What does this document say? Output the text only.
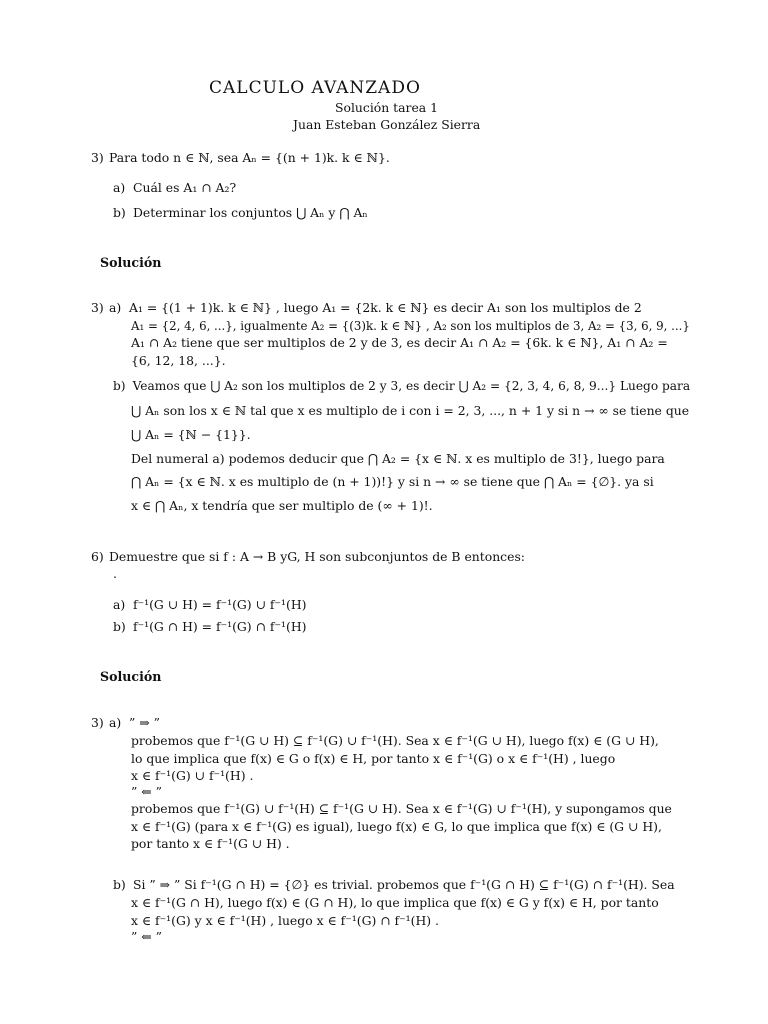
CALCULO AVANZADO
Solución tarea 1
Juan Esteban González Sierra
3) Para todo n ∈ ℕ, sea Aₙ = {(n + 1)k. k ∈ ℕ}.
a) Cuál es A₁ ∩ A₂?
b) Determinar los conjuntos ⋃ Aₙ y ⋂ Aₙ
Solución
3) a) A₁ = {(1 + 1)k. k ∈ ℕ} , luego A₁ = {2k. k ∈ ℕ} es decir A₁ son los multiplos de 2
A₁ = {2, 4, 6, ...}, igualmente A₂ = {(3)k. k ∈ ℕ} , A₂ son los multiplos de 3, A₂ = {3, 6, 9, ...}
A₁ ∩ A₂ tiene que ser multiplos de 2 y de 3, es decir A₁ ∩ A₂ = {6k. k ∈ ℕ}, A₁ ∩ A₂ =
{6, 12, 18, ...}.
b) Veamos que ⋃ A₂ son los multiplos de 2 y 3, es decir ⋃ A₂ = {2, 3, 4, 6, 8, 9...} Luego para
⋃ Aₙ son los x ∈ ℕ tal que x es multiplo de i con i = 2, 3, ..., n + 1 y si n → ∞ se tiene que
⋃ Aₙ = {ℕ − {1}}.
Del numeral a) podemos deducir que ⋂ A₂ = {x ∈ ℕ. x es multiplo de 3!}, luego para
⋂ Aₙ = {x ∈ ℕ. x es multiplo de (n + 1))!} y si n → ∞ se tiene que ⋂ Aₙ = {∅}. ya si
x ∈ ⋂ Aₙ, x tendría que ser multiplo de (∞ + 1)!.
6) Demuestre que si f : A → B yG, H son subconjuntos de B entonces:
.
a) f⁻¹(G ∪ H) = f⁻¹(G) ∪ f⁻¹(H)
b) f⁻¹(G ∩ H) = f⁻¹(G) ∩ f⁻¹(H)
Solución
3) a) ” ⇒ ”
probemos que f⁻¹(G ∪ H) ⊆ f⁻¹(G) ∪ f⁻¹(H). Sea x ∈ f⁻¹(G ∪ H), luego f(x) ∈ (G ∪ H),
lo que implica que f(x) ∈ G o f(x) ∈ H, por tanto x ∈ f⁻¹(G) o x ∈ f⁻¹(H) , luego
x ∈ f⁻¹(G) ∪ f⁻¹(H) .
” ⇐ ”
probemos que f⁻¹(G) ∪ f⁻¹(H) ⊆ f⁻¹(G ∪ H). Sea x ∈ f⁻¹(G) ∪ f⁻¹(H), y supongamos que
x ∈ f⁻¹(G) (para x ∈ f⁻¹(G) es igual), luego f(x) ∈ G, lo que implica que f(x) ∈ (G ∪ H),
por tanto x ∈ f⁻¹(G ∪ H) .
b) Si ” ⇒ ” Si f⁻¹(G ∩ H) = {∅} es trivial. probemos que f⁻¹(G ∩ H) ⊆ f⁻¹(G) ∩ f⁻¹(H). Sea
x ∈ f⁻¹(G ∩ H), luego f(x) ∈ (G ∩ H), lo que implica que f(x) ∈ G y f(x) ∈ H, por tanto
x ∈ f⁻¹(G) y x ∈ f⁻¹(H) , luego x ∈ f⁻¹(G) ∩ f⁻¹(H) .
” ⇐ ”
